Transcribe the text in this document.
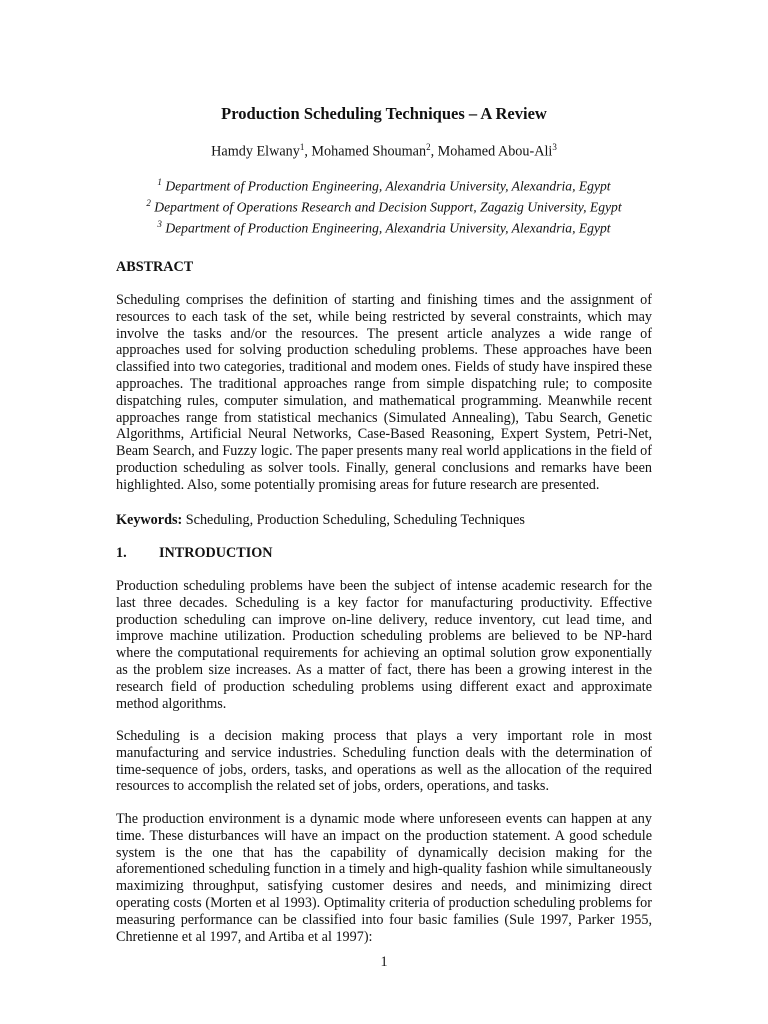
Production Scheduling Techniques – A Review
Hamdy Elwany$^1$, Mohamed Shouman$^2$, Mohamed Abou-Ali$^3$
$^1$ Department of Production Engineering, Alexandria University, Alexandria, Egypt
$^2$ Department of Operations Research and Decision Support, Zagazig University, Egypt
$^3$ Department of Production Engineering, Alexandria University, Alexandria, Egypt
ABSTRACT

Scheduling comprises the definition of starting and finishing times and the assignment of resources to each task of the set, while being restricted by several constraints, which may involve the tasks and/or the resources. The present article analyzes a wide range of approaches used for solving production scheduling problems. These approaches have been classified into two categories, traditional and modem ones. Fields of study have inspired these approaches. The traditional approaches range from simple dispatching rule; to composite dispatching rules, computer simulation, and mathematical programming. Meanwhile recent approaches range from statistical mechanics (Simulated Annealing), Tabu Search, Genetic Algorithms, Artificial Neural Networks, Case-Based Reasoning, Expert System, Petri-Net, Beam Search, and Fuzzy logic. The paper presents many real world applications in the field of production scheduling as solver tools. Finally, general conclusions and remarks have been highlighted. Also, some potentially promising areas for future research are presented.

Keywords: Scheduling, Production Scheduling, Scheduling Techniques

1. INTRODUCTION

Production scheduling problems have been the subject of intense academic research for the last three decades. Scheduling is a key factor for manufacturing productivity. Effective production scheduling can improve on-line delivery, reduce inventory, cut lead time, and improve machine utilization. Production scheduling problems are believed to be NP-hard where the computational requirements for achieving an optimal solution grow exponentially as the problem size increases. As a matter of fact, there has been a growing interest in the research field of production scheduling problems using different exact and approximate method algorithms.

Scheduling is a decision making process that plays a very important role in most manufacturing and service industries. Scheduling function deals with the determination of time-sequence of jobs, orders, tasks, and operations as well as the allocation of the required resources to accomplish the related set of jobs, orders, operations, and tasks.

The production environment is a dynamic mode where unforeseen events can happen at any time. These disturbances will have an impact on the production statement. A good schedule system is the one that has the capability of dynamically decision making for the aforementioned scheduling function in a timely and high-quality fashion while simultaneously maximizing throughput, satisfying customer desires and needs, and minimizing direct operating costs (Morten et al 1993). Optimality criteria of production scheduling problems for measuring performance can be classified into four basic families (Sule 1997, Parker 1955, Chretienne et al 1997, and Artiba et al 1997):

1
